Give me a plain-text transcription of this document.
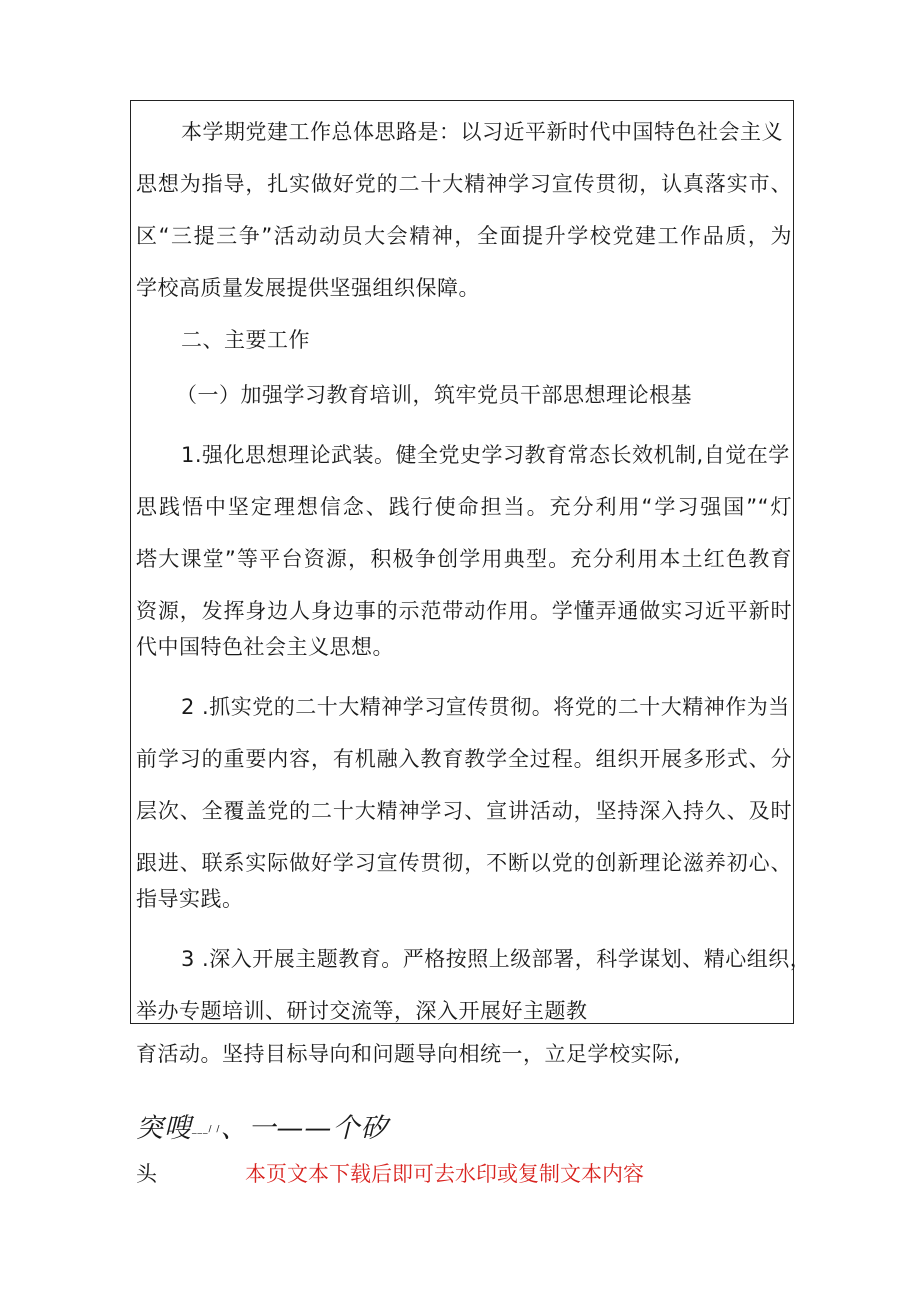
本学期党建工作总体思路是：以习近平新时代中国特色社会主义
思想为指导，扎实做好党的二十大精神学习宣传贯彻，认真落实市、
区“三提三争”活动动员大会精神，全面提升学校党建工作品质，为
学校高质量发展提供坚强组织保障。
二、主要工作
（一）加强学习教育培训，筑牢党员干部思想理论根基
1.强化思想理论武装。健全党史学习教育常态长效机制,自觉在学
思践悟中坚定理想信念、践行使命担当。充分利用“学习强国”“灯
塔大课堂”等平台资源，积极争创学用典型。充分利用本土红色教育
资源，发挥身边人身边事的示范带动作用。学懂弄通做实习近平新时
代中国特色社会主义思想。
2 .抓实党的二十大精神学习宣传贯彻。将党的二十大精神作为当
前学习的重要内容，有机融入教育教学全过程。组织开展多形式、分
层次、全覆盖党的二十大精神学习、宣讲活动，坚持深入持久、及时
跟进、联系实际做好学习宣传贯彻，不断以党的创新理论滋养初心、
指导实践。
3 .深入开展主题教育。严格按照上级部署，科学谋划、精心组织，
举办专题培训、研讨交流等，深入开展好主题教
育活动。坚持目标导向和问题导向相统一，立足学校实际,
突嗖___/ /、一——个矽
头	本页文本下载后即可去水印或复制文本内容
